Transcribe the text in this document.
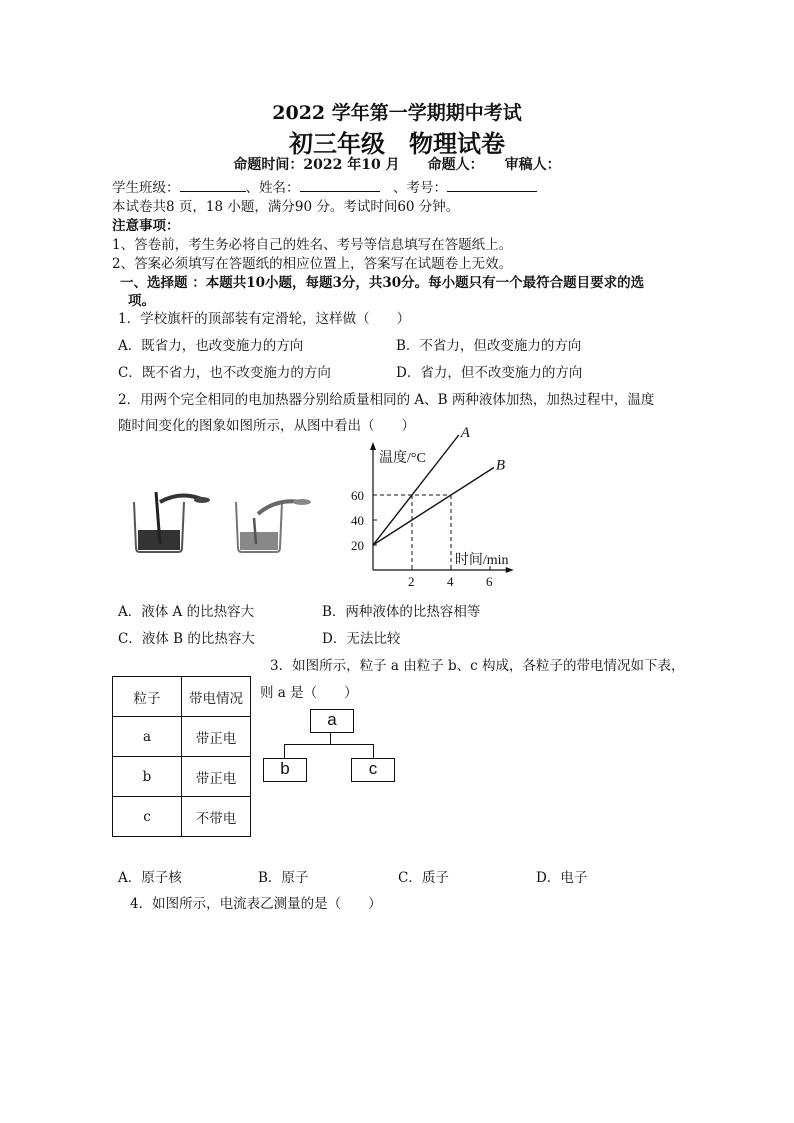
2022 学年第一学期期中考试
初三年级　物理试卷
命题时间：2022 年10 月　　命题人：　　审稿人：
学生班级：	、姓名：　	、考号：
本试卷共8 页，18 小题，满分90 分。考试时间60 分钟。
注意事项：
1、答卷前，考生务必将自己的姓名、考号等信息填写在答题纸上。
2、答案必须填写在答题纸的相应位置上，答案写在试题卷上无效。
一、选择题 ：本题共10小题，每题3分，共30分。每小题只有一个最符合题目要求的选
项。
1．学校旗杆的顶部装有定滑轮，这样做（　　）
A．既省力，也改变施力的方向	B．不省力，但改变施力的方向
C．既不省力，也不改变施力的方向	D．省力，但不改变施力的方向
2．用两个完全相同的电加热器分别给质量相同的 A、B 两种液体加热，加热过程中，温度
随时间变化的图象如图所示，从图中看出（　　）
温度/°C
时间/min
2	4	6
20
40
60
A
B
A．液体 A 的比热容大	B．两种液体的比热容相等
C．液体 B 的比热容大	D．无法比较
3．如图所示，粒子 a 由粒子 b、c 构成，各粒子的带电情况如下表，
则 a 是（　　）
粒子	带电情况
a	带正电
b	带正电
c	不带电
a
b	c
A．原子核	B．原子	C．质子	D．电子
4．如图所示，电流表乙测量的是（　　）
